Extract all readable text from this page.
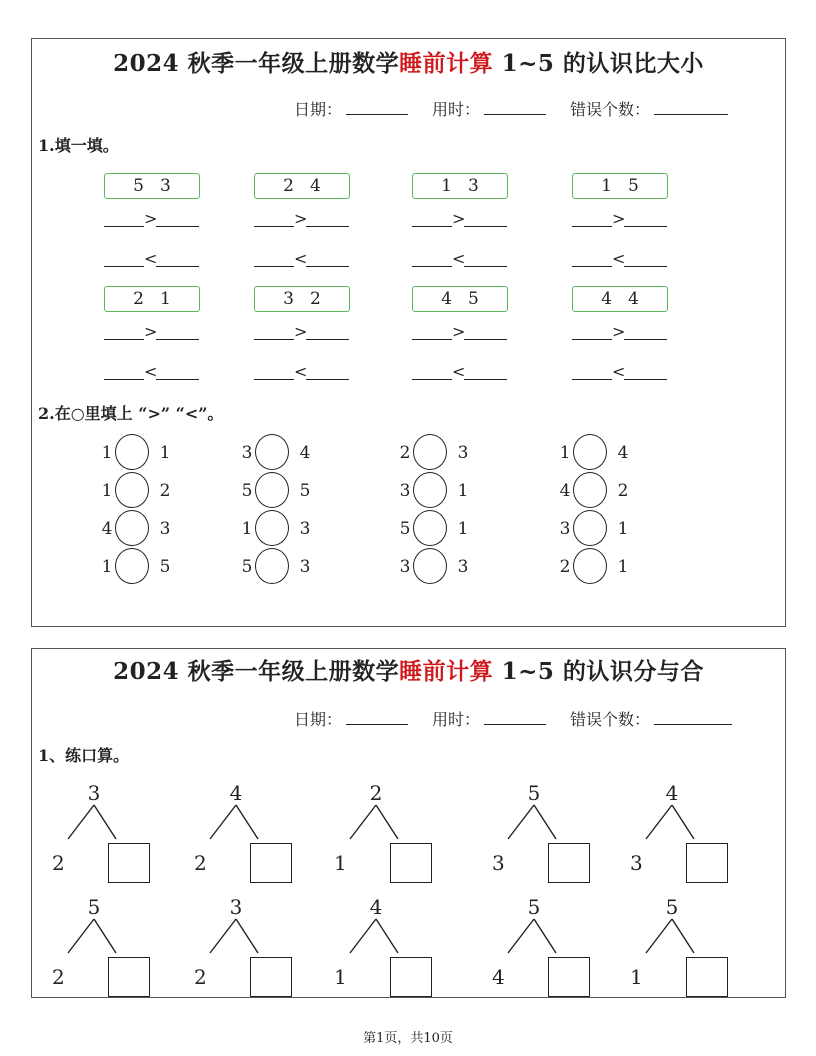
2024 秋季一年级上册数学睡前计算 1~5 的认识比大小
日期：	用时：	错误个数：
1.填一填。
5 3
>
<
2 4
>
<
1 3
>
<
1 5
>
<
2 1
>
<
3 2
>
<
4 5
>
<
4 4
>
<
2.在○里填上 “>” “<”。
1	1
1	2
4	3
1	5
3	4
5	5
1	3
5	3
2	3
3	1
5	1
3	3
1	4
4	2
3	1
2	1
2024 秋季一年级上册数学睡前计算 1~5 的认识分与合
日期：	用时：	错误个数：
1、练口算。
3
2
4
2
2
1
5
3
4
3
5
2
3
2
4
1
5
4
5
1
第1页，共10页
